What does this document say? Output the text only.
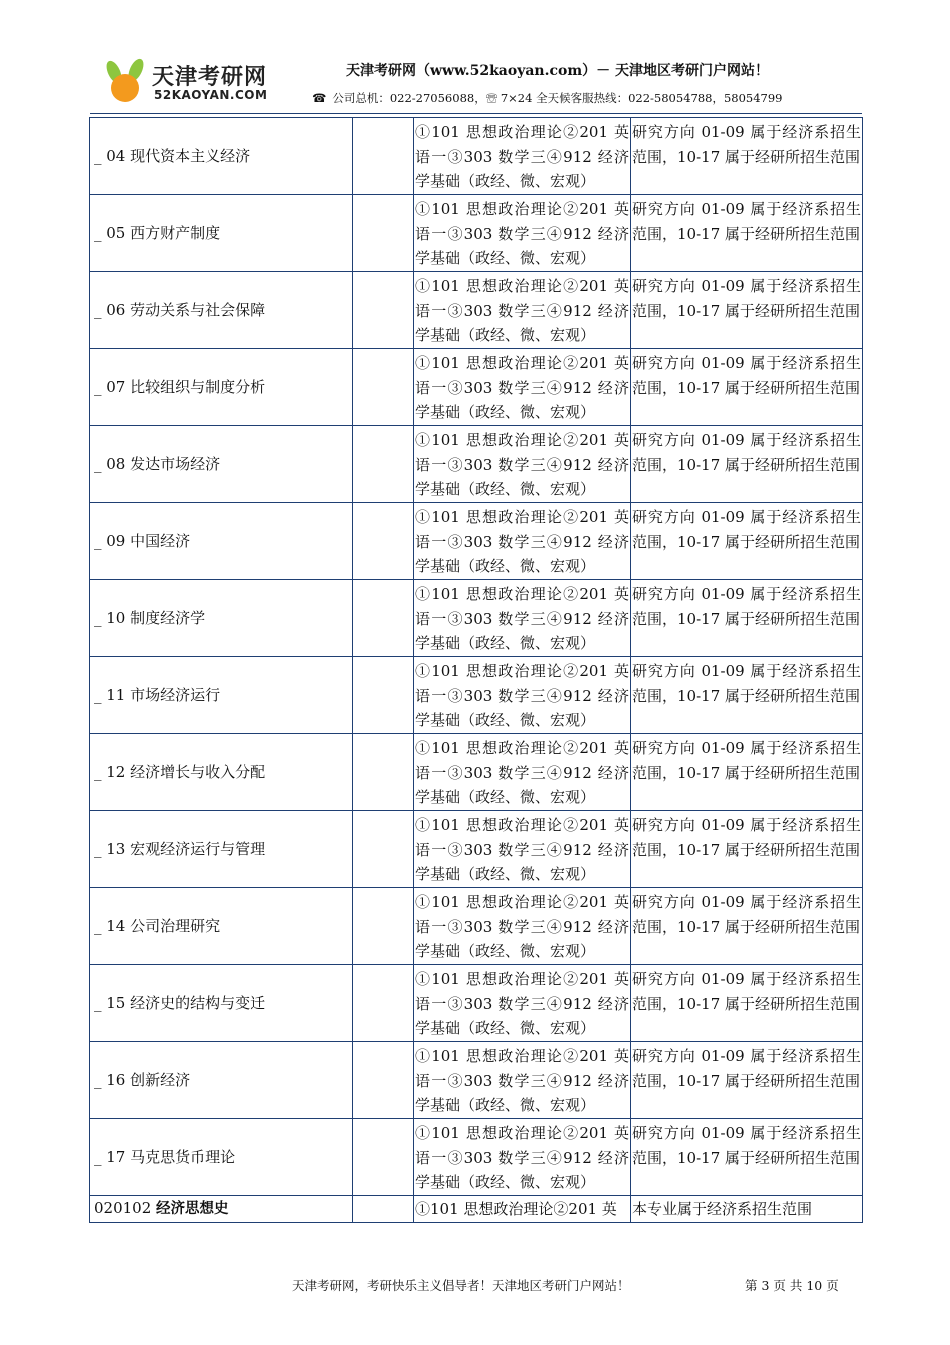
天津考研网
52KAOYAN.COM
天津考研网（www.52kaoyan.com）－ 天津地区考研门户网站！
☎ 公司总机：022-27056088，☏ 7×24 全天候客服热线：022-58054788，58054799
_ 04 现代资本主义经济		①101 思想政治理论②201 英语一③303 数学三④912 经济学基础（政经、微、宏观）	研究方向 01-09 属于经济系招生范围，10-17 属于经研所招生范围
_ 05 西方财产制度		①101 思想政治理论②201 英语一③303 数学三④912 经济学基础（政经、微、宏观）	研究方向 01-09 属于经济系招生范围，10-17 属于经研所招生范围
_ 06 劳动关系与社会保障		①101 思想政治理论②201 英语一③303 数学三④912 经济学基础（政经、微、宏观）	研究方向 01-09 属于经济系招生范围，10-17 属于经研所招生范围
_ 07 比较组织与制度分析		①101 思想政治理论②201 英语一③303 数学三④912 经济学基础（政经、微、宏观）	研究方向 01-09 属于经济系招生范围，10-17 属于经研所招生范围
_ 08 发达市场经济		①101 思想政治理论②201 英语一③303 数学三④912 经济学基础（政经、微、宏观）	研究方向 01-09 属于经济系招生范围，10-17 属于经研所招生范围
_ 09 中国经济		①101 思想政治理论②201 英语一③303 数学三④912 经济学基础（政经、微、宏观）	研究方向 01-09 属于经济系招生范围，10-17 属于经研所招生范围
_ 10 制度经济学		①101 思想政治理论②201 英语一③303 数学三④912 经济学基础（政经、微、宏观）	研究方向 01-09 属于经济系招生范围，10-17 属于经研所招生范围
_ 11 市场经济运行		①101 思想政治理论②201 英语一③303 数学三④912 经济学基础（政经、微、宏观）	研究方向 01-09 属于经济系招生范围，10-17 属于经研所招生范围
_ 12 经济增长与收入分配		①101 思想政治理论②201 英语一③303 数学三④912 经济学基础（政经、微、宏观）	研究方向 01-09 属于经济系招生范围，10-17 属于经研所招生范围
_ 13 宏观经济运行与管理		①101 思想政治理论②201 英语一③303 数学三④912 经济学基础（政经、微、宏观）	研究方向 01-09 属于经济系招生范围，10-17 属于经研所招生范围
_ 14 公司治理研究		①101 思想政治理论②201 英语一③303 数学三④912 经济学基础（政经、微、宏观）	研究方向 01-09 属于经济系招生范围，10-17 属于经研所招生范围
_ 15 经济史的结构与变迁		①101 思想政治理论②201 英语一③303 数学三④912 经济学基础（政经、微、宏观）	研究方向 01-09 属于经济系招生范围，10-17 属于经研所招生范围
_ 16 创新经济		①101 思想政治理论②201 英语一③303 数学三④912 经济学基础（政经、微、宏观）	研究方向 01-09 属于经济系招生范围，10-17 属于经研所招生范围
_ 17 马克思货币理论		①101 思想政治理论②201 英语一③303 数学三④912 经济学基础（政经、微、宏观）	研究方向 01-09 属于经济系招生范围，10-17 属于经研所招生范围
020102 经济思想史		①101 思想政治理论②201 英	本专业属于经济系招生范围
天津考研网，考研快乐主义倡导者！天津地区考研门户网站！	第 3 页 共 10 页
